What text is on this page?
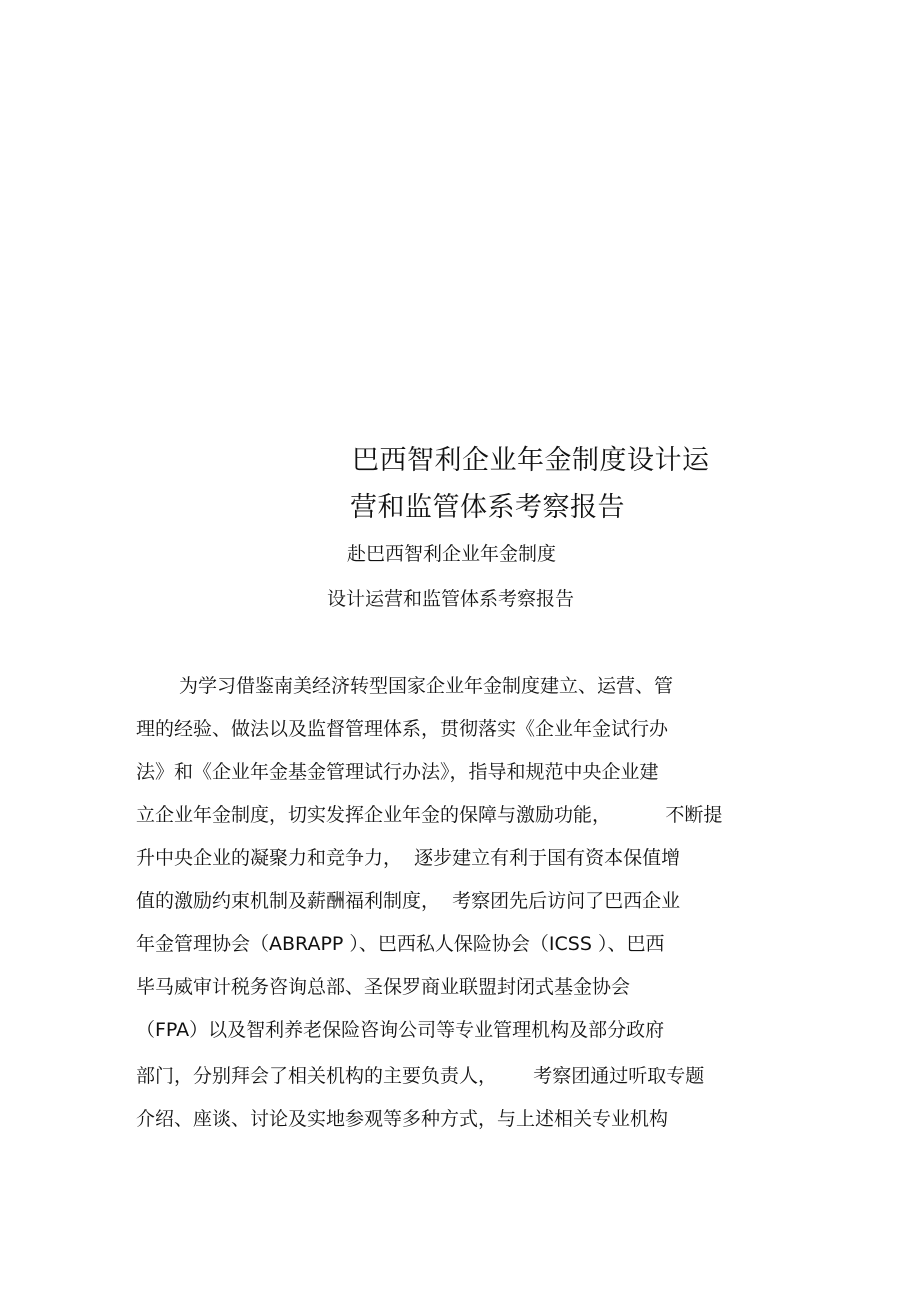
巴西智利企业年金制度设计运
营和监管体系考察报告
赴巴西智利企业年金制度
设计运营和监管体系考察报告
为学习借鉴南美经济转型国家企业年金制度建立、运营、管
理的经验、做法以及监督管理体系，贯彻落实《企业年金试行办
法》和《企业年金基金管理试行办法》，指导和规范中央企业建
立企业年金制度，切实发挥企业年金的保障与激励功能，         不断提
升中央企业的凝聚力和竞争力，  逐步建立有利于国有资本保值增
值的激励约束机制及薪酬福利制度，  考察团先后访问了巴西企业
年金管理协会（ABRAPP ）、巴西私人保险协会（ICSS ）、巴西
毕马威审计税务咨询总部、圣保罗商业联盟封闭式基金协会
（FPA）以及智利养老保险咨询公司等专业管理机构及部分政府
部门，分别拜会了相关机构的主要负责人，      考察团通过听取专题
介绍、座谈、讨论及实地参观等多种方式，与上述相关专业机构
